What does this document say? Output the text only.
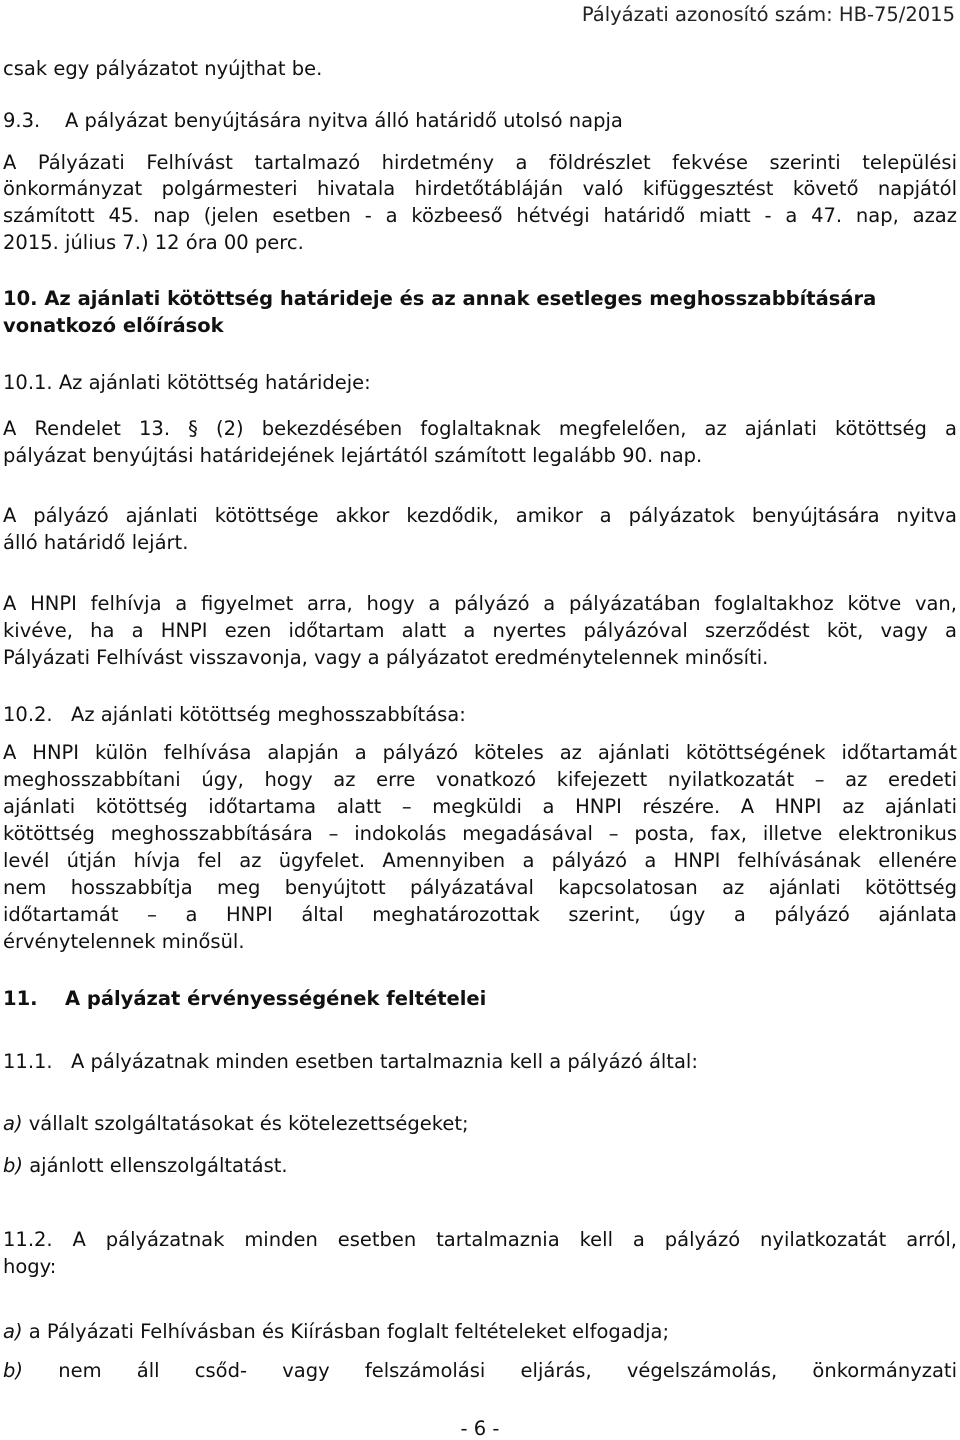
Pályázati azonosító szám: HB-75/2015
csak egy pályázatot nyújthat be.
9.3. A pályázat benyújtására nyitva álló határidő utolsó napja
A Pályázati Felhívást tartalmazó hirdetmény a földrészlet fekvése szerinti települési
önkormányzat polgármesteri hivatala hirdetőtábláján való kifüggesztést követő napjától
számított 45. nap (jelen esetben - a közbeeső hétvégi határidő miatt - a 47. nap, azaz
2015. július 7.) 12 óra 00 perc.
10. Az ajánlati kötöttség határideje és az annak esetleges meghosszabbítására
vonatkozó előírások
10.1. Az ajánlati kötöttség határideje:
A Rendelet 13. § (2) bekezdésében foglaltaknak megfelelően, az ajánlati kötöttség a
pályázat benyújtási határidejének lejártától számított legalább 90. nap.
A pályázó ajánlati kötöttsége akkor kezdődik, amikor a pályázatok benyújtására nyitva
álló határidő lejárt.
A HNPI felhívja a figyelmet arra, hogy a pályázó a pályázatában foglaltakhoz kötve van,
kivéve, ha a HNPI ezen időtartam alatt a nyertes pályázóval szerződést köt, vagy a
Pályázati Felhívást visszavonja, vagy a pályázatot eredménytelennek minősíti.
10.2. Az ajánlati kötöttség meghosszabbítása:
A HNPI külön felhívása alapján a pályázó köteles az ajánlati kötöttségének időtartamát
meghosszabbítani úgy, hogy az erre vonatkozó kifejezett nyilatkozatát – az eredeti
ajánlati kötöttség időtartama alatt – megküldi a HNPI részére. A HNPI az ajánlati
kötöttség meghosszabbítására – indokolás megadásával – posta, fax, illetve elektronikus
levél útján hívja fel az ügyfelet. Amennyiben a pályázó a HNPI felhívásának ellenére
nem hosszabbítja meg benyújtott pályázatával kapcsolatosan az ajánlati kötöttség
időtartamát – a HNPI által meghatározottak szerint, úgy a pályázó ajánlata
érvénytelennek minősül.
11. A pályázat érvényességének feltételei
11.1. A pályázatnak minden esetben tartalmaznia kell a pályázó által:
a) vállalt szolgáltatásokat és kötelezettségeket;
b) ajánlott ellenszolgáltatást.
11.2. A pályázatnak minden esetben tartalmaznia kell a pályázó nyilatkozatát arról,
hogy:
a) a Pályázati Felhívásban és Kiírásban foglalt feltételeket elfogadja;
b) nem áll csőd- vagy felszámolási eljárás, végelszámolás, önkormányzati
- 6 -
